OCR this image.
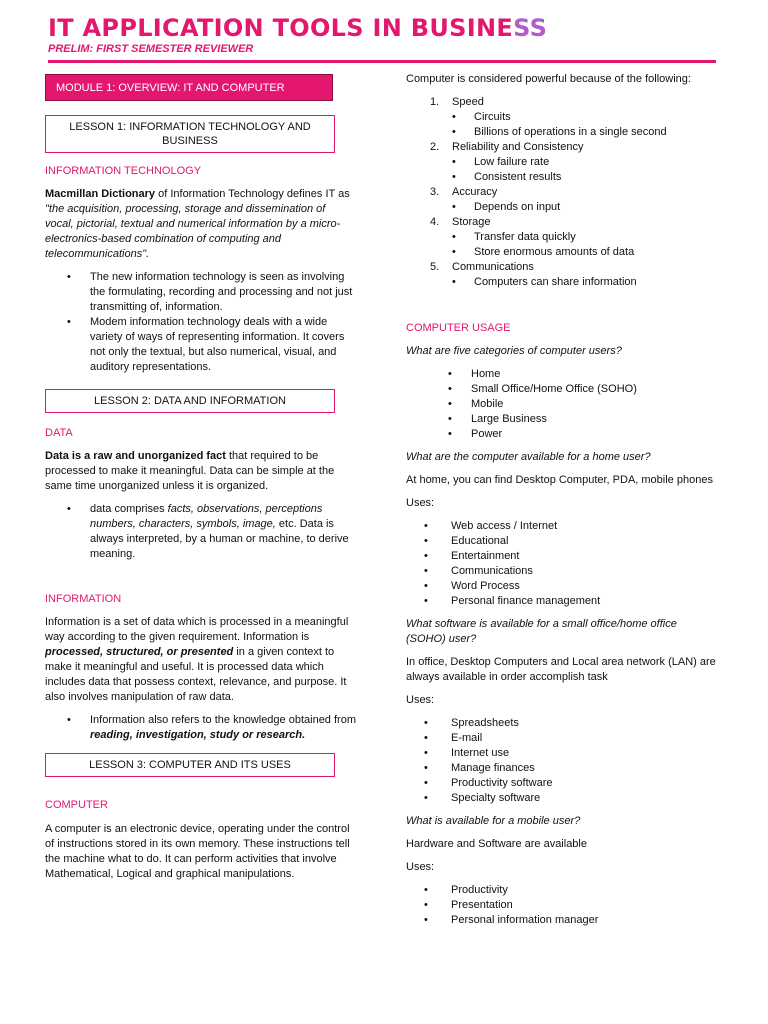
IT APPLICATION TOOLS IN BUSINESS
PRELIM: FIRST SEMESTER REVIEWER
MODULE 1: OVERVIEW: IT AND COMPUTER
LESSON 1: INFORMATION TECHNOLOGY AND BUSINESS
INFORMATION TECHNOLOGY

Macmillan Dictionary of Information Technology defines IT as "the acquisition, processing, storage and dissemination of vocal, pictorial, textual and numerical information by a micro-electronics-based combination of computing and telecommunications".

• The new information technology is seen as involving the formulating, recording and processing and not just transmitting of, information.
• Modem information technology deals with a wide variety of ways of representing information. It covers not only the textual, but also numerical, visual, and auditory representations.
LESSON 2: DATA AND INFORMATION
DATA

Data is a raw and unorganized fact that required to be processed to make it meaningful. Data can be simple at the same time unorganized unless it is organized.

• data comprises facts, observations, perceptions numbers, characters, symbols, image, etc. Data is always interpreted, by a human or machine, to derive meaning.
INFORMATION

Information is a set of data which is processed in a meaningful way according to the given requirement. Information is processed, structured, or presented in a given context to make it meaningful and useful. It is processed data which includes data that possess context, relevance, and purpose. It also involves manipulation of raw data.

• Information also refers to the knowledge obtained from reading, investigation, study or research.
LESSON 3: COMPUTER AND ITS USES
COMPUTER

A computer is an electronic device, operating under the control of instructions stored in its own memory. These instructions tell the machine what to do. It can perform activities that involve Mathematical, Logical and graphical manipulations.

Computer is considered powerful because of the following:

1. Speed
• Circuits
• Billions of operations in a single second
2. Reliability and Consistency
• Low failure rate
• Consistent results
3. Accuracy
• Depends on input
4. Storage
• Transfer data quickly
• Store enormous amounts of data
5. Communications
• Computers can share information
COMPUTER USAGE

What are five categories of computer users?

• Home
• Small Office/Home Office (SOHO)
• Mobile
• Large Business
• Power

What are the computer available for a home user?

At home, you can find Desktop Computer, PDA, mobile phones

Uses:

• Web access / Internet
• Educational
• Entertainment
• Communications
• Word Process
• Personal finance management

What software is available for a small office/home office (SOHO) user?

In office, Desktop Computers and Local area network (LAN) are always available in order accomplish task

Uses:

• Spreadsheets
• E-mail
• Internet use
• Manage finances
• Productivity software
• Specialty software

What is available for a mobile user?

Hardware and Software are available

Uses:

• Productivity
• Presentation
• Personal information manager
